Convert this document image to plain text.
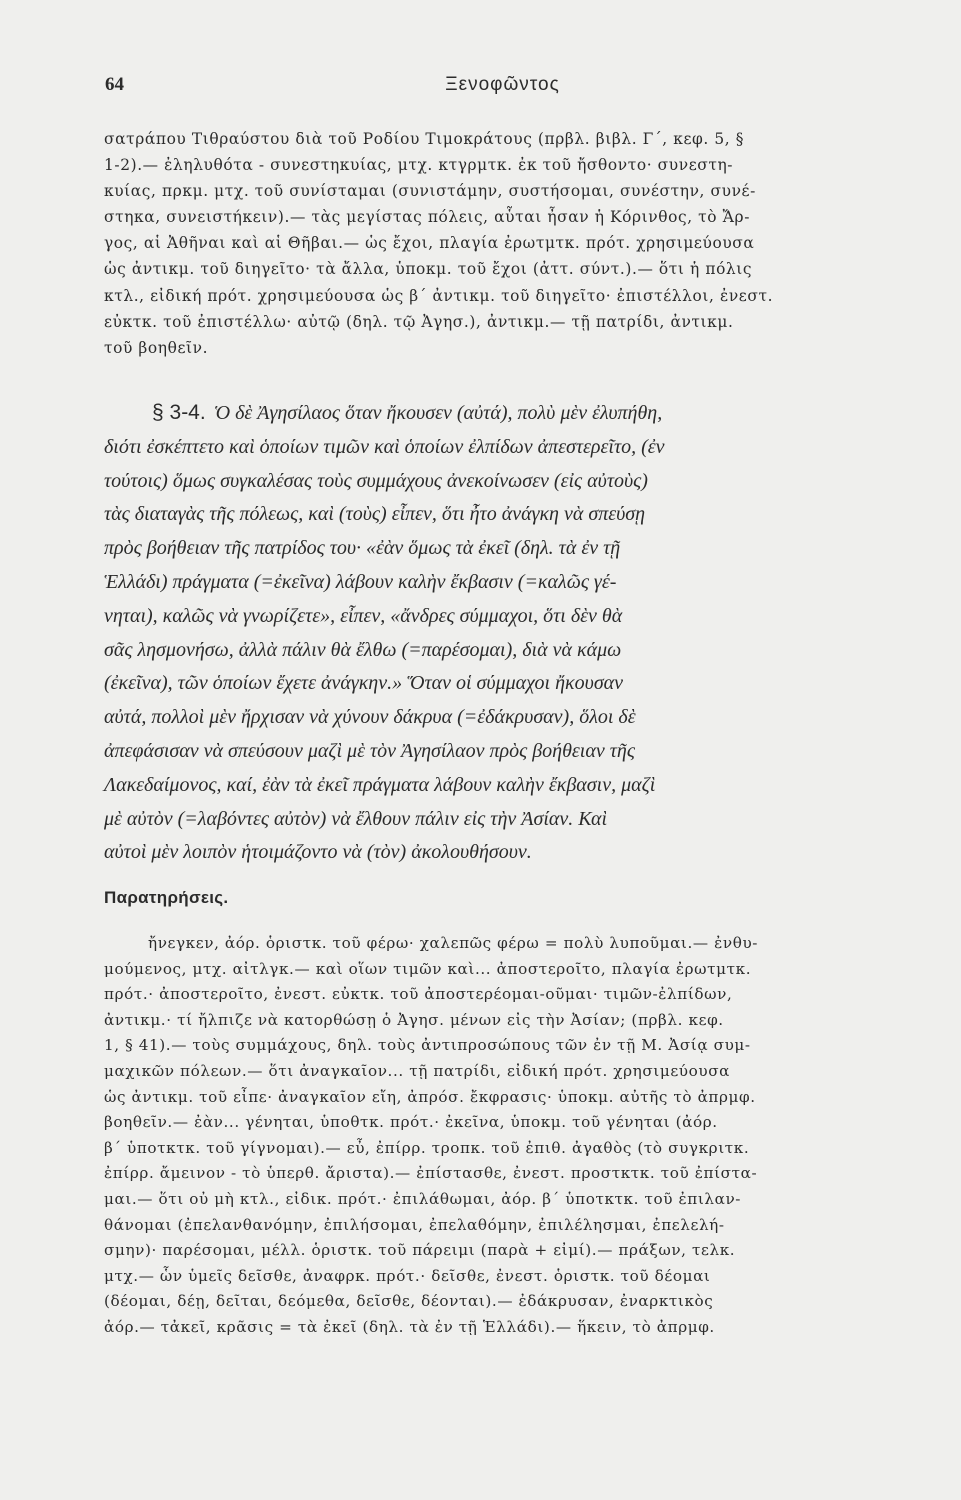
64	Ξενοφῶντος
σατράπου Τιθραύστου διὰ τοῦ Ροδίου Τιμοκράτους (πρβλ. βιβλ. Γ΄, κεφ. 5, §
1-2).— ἐληλυθότα - συνεστηκυίας, μτχ. κτγρμτκ. ἐκ τοῦ ἤσθοντο· συνεστη-
κυίας, πρκμ. μτχ. τοῦ συνίσταμαι (συνιστάμην, συστήσομαι, συνέστην, συνέ-
στηκα, συνειστήκειν).— τὰς μεγίστας πόλεις, αὗται ἦσαν ἡ Κόρινθος, τὸ Ἄρ-
γος, αἱ Ἀθῆναι καὶ αἱ Θῆβαι.— ὡς ἔχοι, πλαγία ἐρωτμτκ. πρότ. χρησιμεύουσα
ὡς ἀντικμ. τοῦ διηγεῖτο· τὰ ἄλλα, ὑποκμ. τοῦ ἔχοι (ἀττ. σύντ.).— ὅτι ἡ πόλις
κτλ., εἰδική πρότ. χρησιμεύουσα ὡς β΄ ἀντικμ. τοῦ διηγεῖτο· ἐπιστέλλοι, ἐνεστ.
εὐκτκ. τοῦ ἐπιστέλλω· αὐτῷ (δηλ. τῷ Ἀγησ.), ἀντικμ.— τῇ πατρίδι, ἀντικμ.
τοῦ βοηθεῖν.
§ 3-4. Ὁ δὲ Ἀγησίλαος ὅταν ἤκουσεν (αὐτά), πολὺ μὲν ἐλυπήθη,
διότι ἐσκέπτετο καὶ ὁποίων τιμῶν καὶ ὁποίων ἐλπίδων ἀπεστερεῖτο, (ἐν
τούτοις) ὅμως συγκαλέσας τοὺς συμμάχους ἀνεκοίνωσεν (εἰς αὐτοὺς)
τὰς διαταγὰς τῆς πόλεως, καὶ (τοὺς) εἶπεν, ὅτι ἦτο ἀνάγκη νὰ σπεύσῃ
πρὸς βοήθειαν τῆς πατρίδος του· «ἐὰν ὅμως τὰ ἐκεῖ (δηλ. τὰ ἐν τῇ
Ἑλλάδι) πράγματα (=ἐκεῖνα) λάβουν καλὴν ἔκβασιν (=καλῶς γέ-
νηται), καλῶς νὰ γνωρίζετε», εἶπεν, «ἄνδρες σύμμαχοι, ὅτι δὲν θὰ
σᾶς λησμονήσω, ἀλλὰ πάλιν θὰ ἔλθω (=παρέσομαι), διὰ νὰ κάμω
(ἐκεῖνα), τῶν ὁποίων ἔχετε ἀνάγκην.» Ὅταν οἱ σύμμαχοι ἤκουσαν
αὐτά, πολλοὶ μὲν ἤρχισαν νὰ χύνουν δάκρυα (=ἐδάκρυσαν), ὅλοι δὲ
ἀπεφάσισαν νὰ σπεύσουν μαζὶ μὲ τὸν Ἀγησίλαον πρὸς βοήθειαν τῆς
Λακεδαίμονος, καί, ἐὰν τὰ ἐκεῖ πράγματα λάβουν καλὴν ἔκβασιν, μαζὶ
μὲ αὐτὸν (=λαβόντες αὐτὸν) νὰ ἔλθουν πάλιν εἰς τὴν Ἀσίαν. Καὶ
αὐτοὶ μὲν λοιπὸν ἡτοιμάζοντο νὰ (τὸν) ἀκολουθήσουν.
Παρατηρήσεις.
ἤνεγκεν, ἀόρ. ὁριστκ. τοῦ φέρω· χαλεπῶς φέρω = πολὺ λυποῦμαι.— ἐνθυ-
μούμενος, μτχ. αἰτλγκ.— καὶ οἵων τιμῶν καὶ... ἀποστεροῖτο, πλαγία ἐρωτμτκ.
πρότ.· ἀποστεροῖτο, ἐνεστ. εὐκτκ. τοῦ ἀποστερέομαι-οῦμαι· τιμῶν-ἐλπίδων,
ἀντικμ.· τί ἤλπιζε νὰ κατορθώσῃ ὁ Ἀγησ. μένων εἰς τὴν Ἀσίαν; (πρβλ. κεφ.
1, § 41).— τοὺς συμμάχους, δηλ. τοὺς ἀντιπροσώπους τῶν ἐν τῇ Μ. Ἀσίᾳ συμ-
μαχικῶν πόλεων.— ὅτι ἀναγκαῖον... τῇ πατρίδι, εἰδική πρότ. χρησιμεύουσα
ὡς ἀντικμ. τοῦ εἶπε· ἀναγκαῖον εἴη, ἀπρόσ. ἔκφρασις· ὑποκμ. αὐτῆς τὸ ἀπρμφ.
βοηθεῖν.— ἐὰν... γένηται, ὑποθτκ. πρότ.· ἐκεῖνα, ὑποκμ. τοῦ γένηται (ἀόρ.
β΄ ὑποτκτκ. τοῦ γίγνομαι).— εὖ, ἐπίρρ. τροπκ. τοῦ ἐπιθ. ἀγαθὸς (τὸ συγκριτκ.
ἐπίρρ. ἄμεινον - τὸ ὑπερθ. ἄριστα).— ἐπίστασθε, ἐνεστ. προστκτκ. τοῦ ἐπίστα-
μαι.— ὅτι οὐ μὴ κτλ., εἰδικ. πρότ.· ἐπιλάθωμαι, ἀόρ. β΄ ὑποτκτκ. τοῦ ἐπιλαν-
θάνομαι (ἐπελανθανόμην, ἐπιλήσομαι, ἐπελαθόμην, ἐπιλέλησμαι, ἐπελελή-
σμην)· παρέσομαι, μέλλ. ὁριστκ. τοῦ πάρειμι (παρὰ + εἰμί).— πράξων, τελκ.
μτχ.— ὧν ὑμεῖς δεῖσθε, ἀναφρκ. πρότ.· δεῖσθε, ἐνεστ. ὁριστκ. τοῦ δέομαι
(δέομαι, δέῃ, δεῖται, δεόμεθα, δεῖσθε, δέονται).— ἐδάκρυσαν, ἐναρκτικὸς
ἀόρ.— τἀκεῖ, κρᾶσις = τὰ ἐκεῖ (δηλ. τὰ ἐν τῇ Ἑλλάδι).— ἥκειν, τὸ ἀπρμφ.
